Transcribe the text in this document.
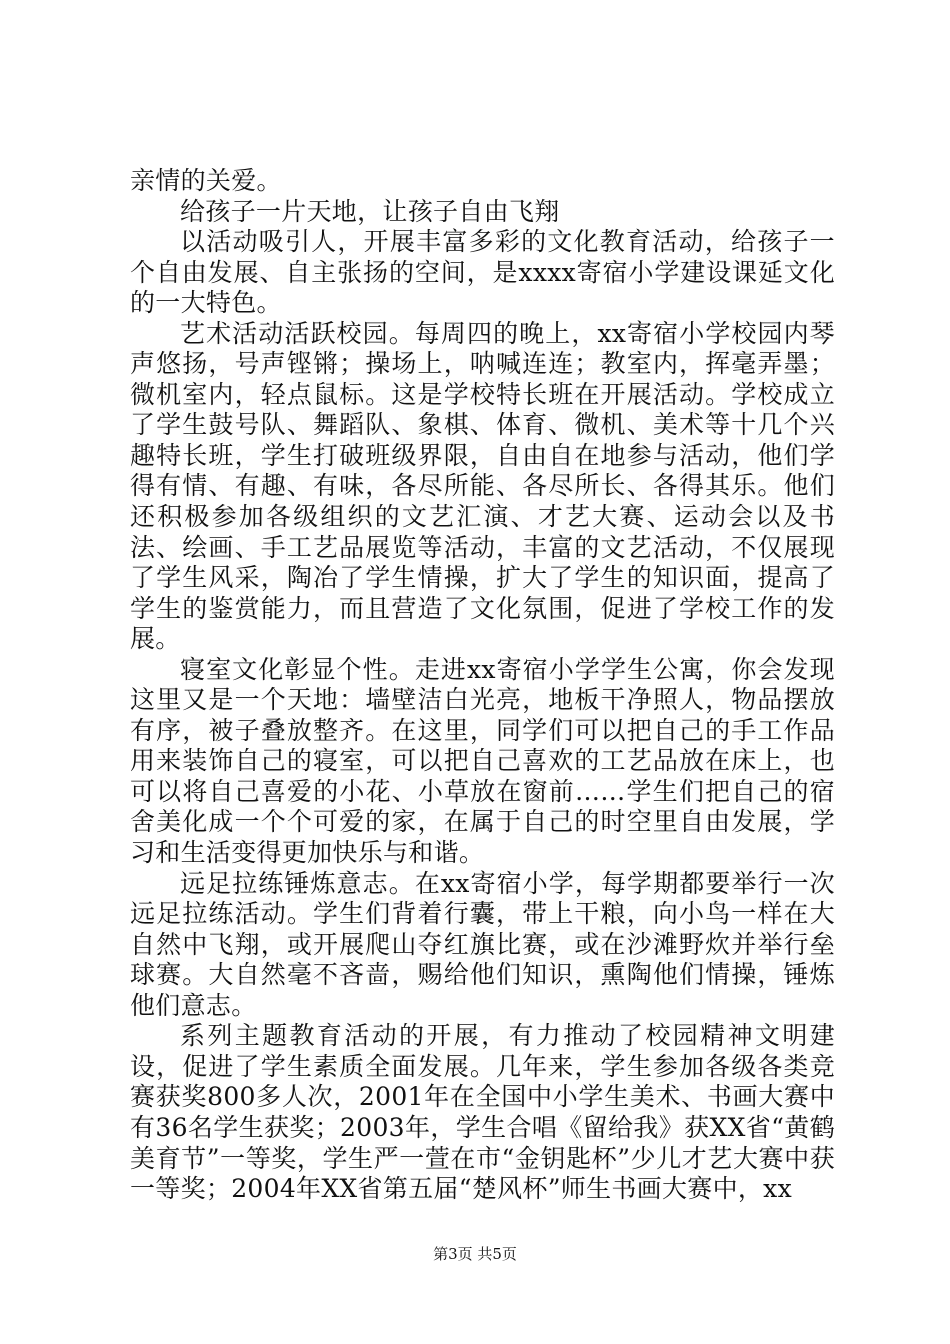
亲情的关爱。

给孩子一片天地，让孩子自由飞翔

以活动吸引人，开展丰富多彩的文化教育活动，给孩子一个自由发展、自主张扬的空间，是xxxx寄宿小学建设课延文化的一大特色。

艺术活动活跃校园。每周四的晚上，xx寄宿小学校园内琴声悠扬，号声铿锵；操场上，呐喊连连；教室内，挥毫弄墨；微机室内，轻点鼠标。这是学校特长班在开展活动。学校成立了学生鼓号队、舞蹈队、象棋、体育、微机、美术等十几个兴趣特长班，学生打破班级界限，自由自在地参与活动，他们学得有情、有趣、有味，各尽所能、各尽所长、各得其乐。他们还积极参加各级组织的文艺汇演、才艺大赛、运动会以及书法、绘画、手工艺品展览等活动，丰富的文艺活动，不仅展现了学生风采，陶冶了学生情操，扩大了学生的知识面，提高了学生的鉴赏能力，而且营造了文化氛围，促进了学校工作的发展。

寝室文化彰显个性。走进xx寄宿小学学生公寓，你会发现这里又是一个天地：墙壁洁白光亮，地板干净照人，物品摆放有序，被子叠放整齐。在这里，同学们可以把自己的手工作品用来装饰自己的寝室，可以把自己喜欢的工艺品放在床上，也可以将自己喜爱的小花、小草放在窗前……学生们把自己的宿舍美化成一个个可爱的家，在属于自己的时空里自由发展，学习和生活变得更加快乐与和谐。

远足拉练锤炼意志。在xx寄宿小学，每学期都要举行一次远足拉练活动。学生们背着行囊，带上干粮，向小鸟一样在大自然中飞翔，或开展爬山夺红旗比赛，或在沙滩野炊并举行垒球赛。大自然毫不吝啬，赐给他们知识，熏陶他们情操，锤炼他们意志。

系列主题教育活动的开展，有力推动了校园精神文明建设，促进了学生素质全面发展。几年来，学生参加各级各类竞赛获奖800多人次，2001年在全国中小学生美术、书画大赛中有36名学生获奖；2003年，学生合唱《留给我》获XX省“黄鹤美育节”一等奖，学生严一萱在市“金钥匙杯”少儿才艺大赛中获一等奖；2004年XX省第五届“楚风杯”师生书画大赛中，xx

第3页 共5页
